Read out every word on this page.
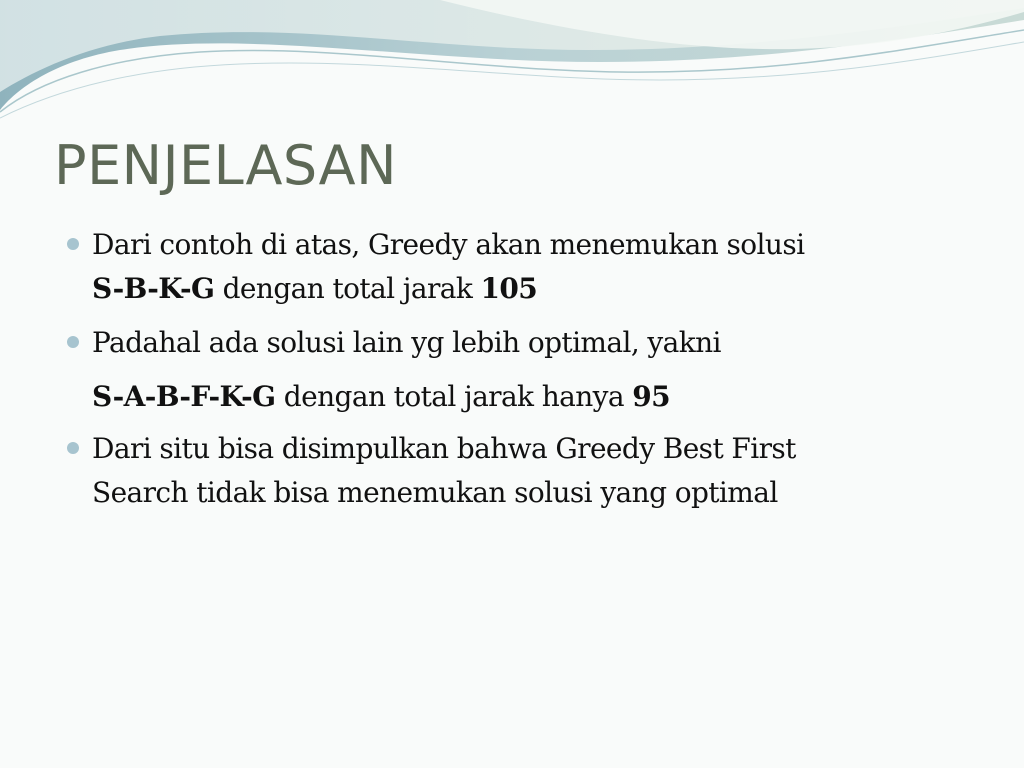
PENJELASAN
Dari contoh di atas, Greedy akan menemukan solusi
S-B-K-G dengan total jarak 105
Padahal ada solusi lain yg lebih optimal, yakni
S-A-B-F-K-G dengan total jarak hanya 95
Dari situ bisa disimpulkan bahwa Greedy Best First
Search tidak bisa menemukan solusi yang optimal
